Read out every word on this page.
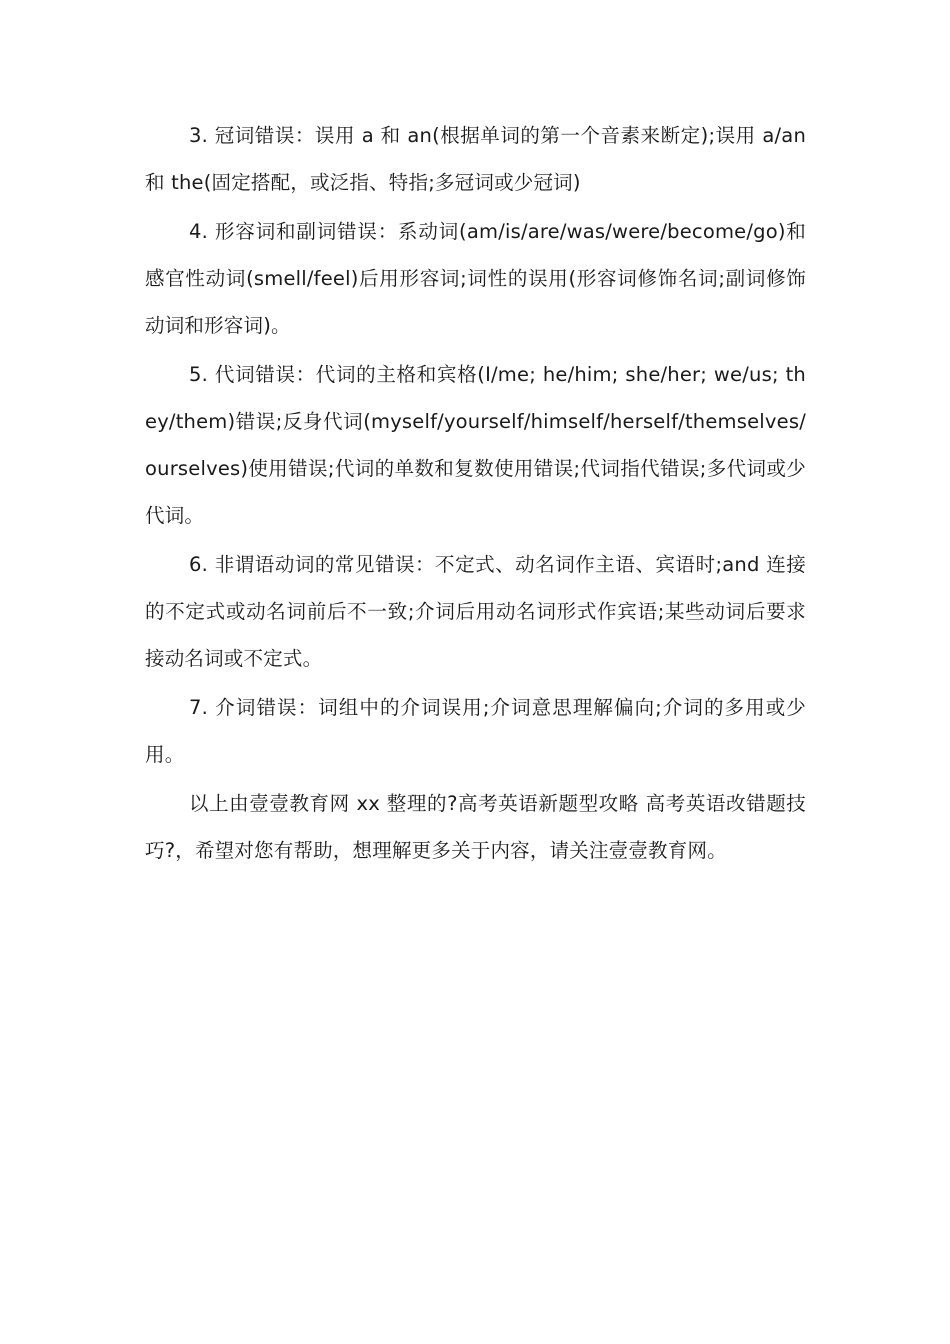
3. 冠词错误：误用 a 和 an(根据单词的第一个音素来断定);误用 a/an 和 the(固定搭配，或泛指、特指;多冠词或少冠词)

4. 形容词和副词错误：系动词(am/is/are/was/were/become/go)和感官性动词(smell/feel)后用形容词;词性的误用(形容词修饰名词;副词修饰动词和形容词)。

5. 代词错误：代词的主格和宾格(I/me; he/him; she/her; we/us; they/them)错误;反身代词(myself/yourself/himself/herself/themselves/ourselves)使用错误;代词的单数和复数使用错误;代词指代错误;多代词或少代词。

6. 非谓语动词的常见错误：不定式、动名词作主语、宾语时;and 连接的不定式或动名词前后不一致;介词后用动名词形式作宾语;某些动词后要求接动名词或不定式。

7. 介词错误：词组中的介词误用;介词意思理解偏向;介词的多用或少用。

以上由壹壹教育网 xx 整理的?高考英语新题型攻略 高考英语改错题技巧?，希望对您有帮助，想理解更多关于内容，请关注壹壹教育网。
